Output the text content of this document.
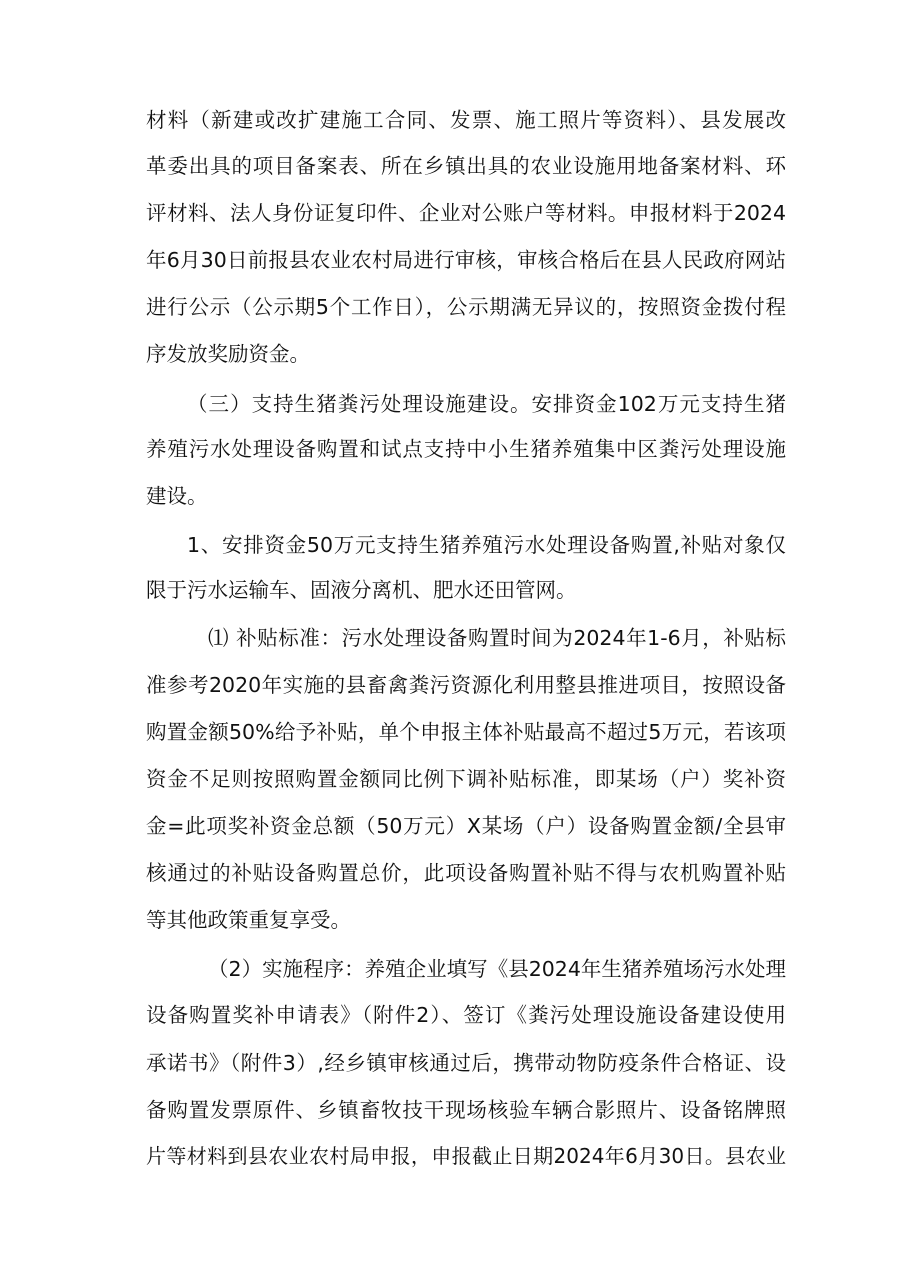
材料（新建或改扩建施工合同、发票、施工照片等资料）、县发展改
革委出具的项目备案表、所在乡镇出具的农业设施用地备案材料、环
评材料、法人身份证复印件、企业对公账户等材料。申报材料于2024
年6月30日前报县农业农村局进行审核，审核合格后在县人民政府网站
进行公示（公示期5个工作日），公示期满无异议的，按照资金拨付程
序发放奖励资金。
（三）支持生猪粪污处理设施建设。安排资金102万元支持生猪
养殖污水处理设备购置和试点支持中小生猪养殖集中区粪污处理设施
建设。
1、安排资金50万元支持生猪养殖污水处理设备购置,补贴对象仅
限于污水运输车、固液分离机、肥水还田管网。
⑴ 补贴标准：污水处理设备购置时间为2024年1-6月，补贴标
准参考2020年实施的县畜禽粪污资源化利用整县推进项目，按照设备
购置金额50%给予补贴，单个申报主体补贴最高不超过5万元，若该项
资金不足则按照购置金额同比例下调补贴标准，即某场（户）奖补资
金=此项奖补资金总额（50万元）X某场（户）设备购置金额/全县审
核通过的补贴设备购置总价，此项设备购置补贴不得与农机购置补贴
等其他政策重复享受。
（2）实施程序：养殖企业填写《县2024年生猪养殖场污水处理
设备购置奖补申请表》（附件2）、签订《粪污处理设施设备建设使用
承诺书》（附件3）,经乡镇审核通过后，携带动物防疫条件合格证、设
备购置发票原件、乡镇畜牧技干现场核验车辆合影照片、设备铭牌照
片等材料到县农业农村局申报，申报截止日期2024年6月30日。县农业
